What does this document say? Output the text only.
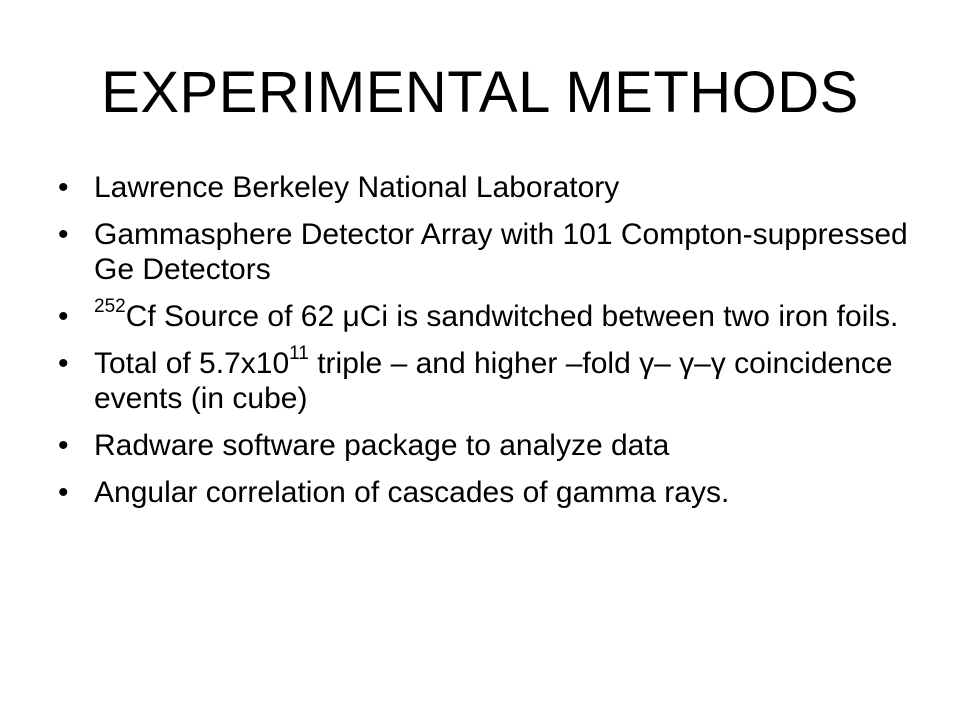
EXPERIMENTAL METHODS
• Lawrence Berkeley National Laboratory
• Gammasphere Detector Array with 101 Compton-suppressed Ge Detectors
•	$^{252}$Cf Source of 62 μCi is sandwitched between two iron foils.
• Total of $5.7x10^{11}$ triple – and higher –fold γ– γ–γ coincidence events (in cube)
• Radware software package to analyze data
• Angular correlation of cascades of gamma rays.
